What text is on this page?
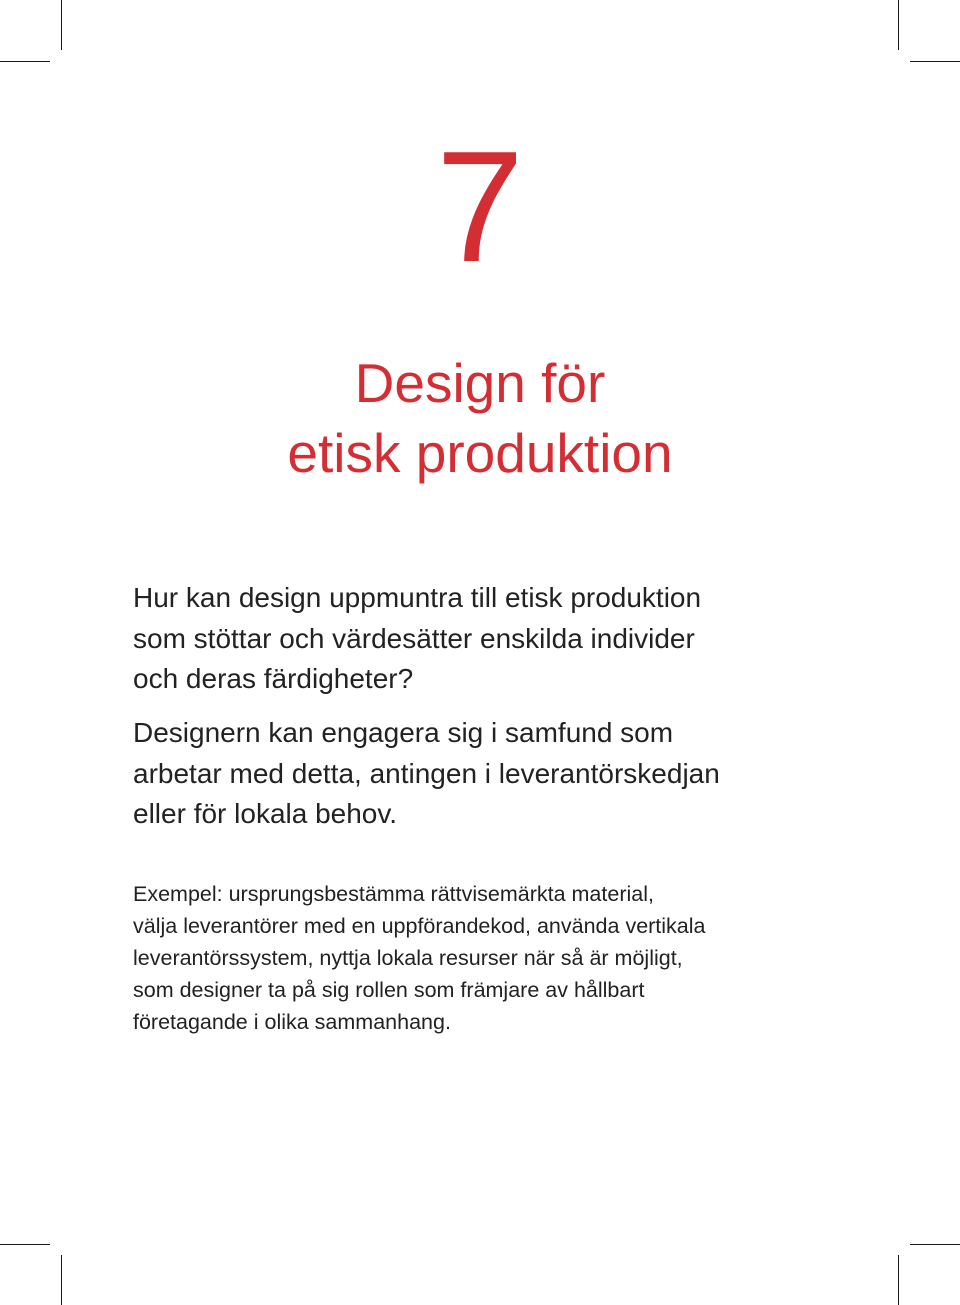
7
Design för
etisk produktion

Hur kan design uppmuntra till etisk produktion
som stöttar och värdesätter enskilda individer
och deras färdigheter?

Designern kan engagera sig i samfund som
arbetar med detta, antingen i leverantörskedjan
eller för lokala behov.

Exempel: ursprungsbestämma rättvisemärkta material,
välja leverantörer med en uppförandekod, använda vertikala
leverantörssystem, nyttja lokala resurser när så är möjligt,
som designer ta på sig rollen som främjare av hållbart
företagande i olika sammanhang.
